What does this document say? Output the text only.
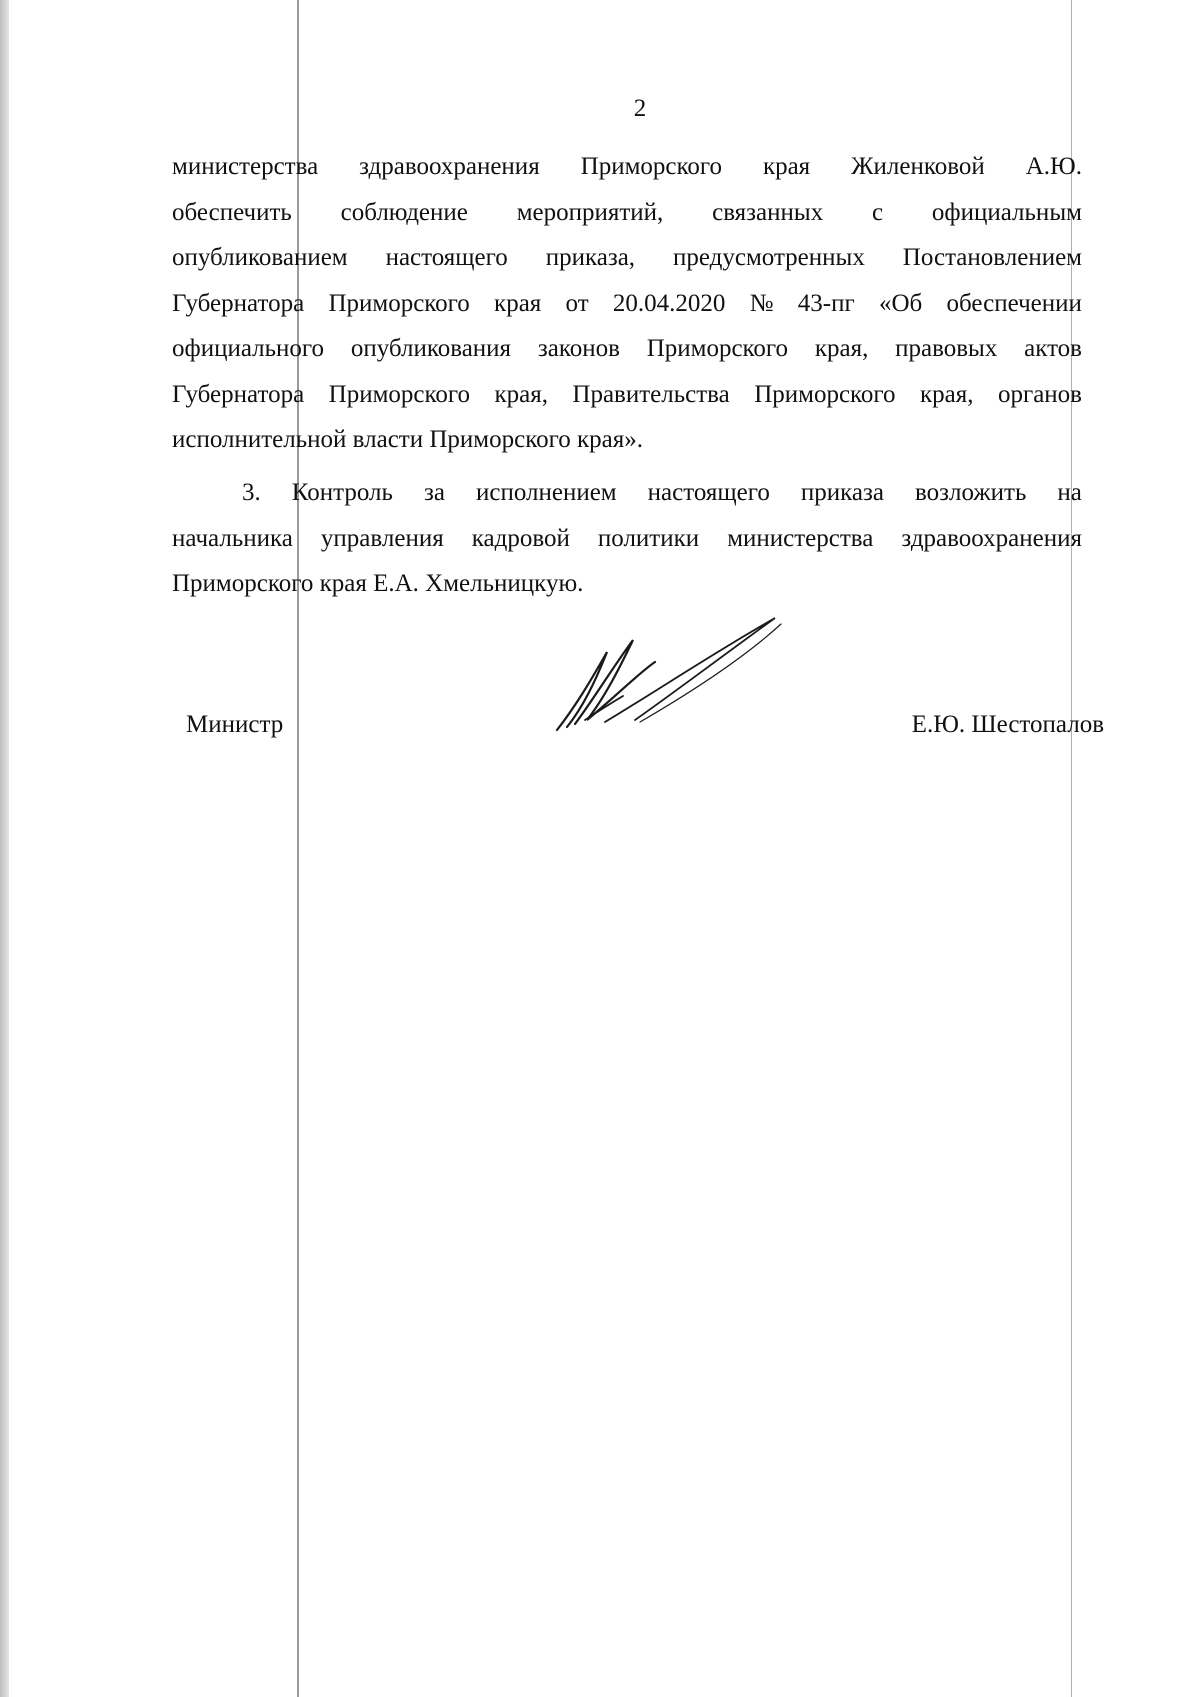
2
министерства здравоохранения Приморского края Жиленковой А.Ю.
обеспечить соблюдение мероприятий, связанных с официальным
опубликованием настоящего приказа, предусмотренных Постановлением
Губернатора Приморского края от 20.04.2020 № 43-пг «Об обеспечении
официального опубликования законов Приморского края, правовых актов
Губернатора Приморского края, Правительства Приморского края, органов
исполнительной власти Приморского края».
3. Контроль за исполнением настоящего приказа возложить на
начальника управления кадровой политики министерства здравоохранения
Приморского края Е.А. Хмельницкую.
Министр	Е.Ю. Шестопалов
